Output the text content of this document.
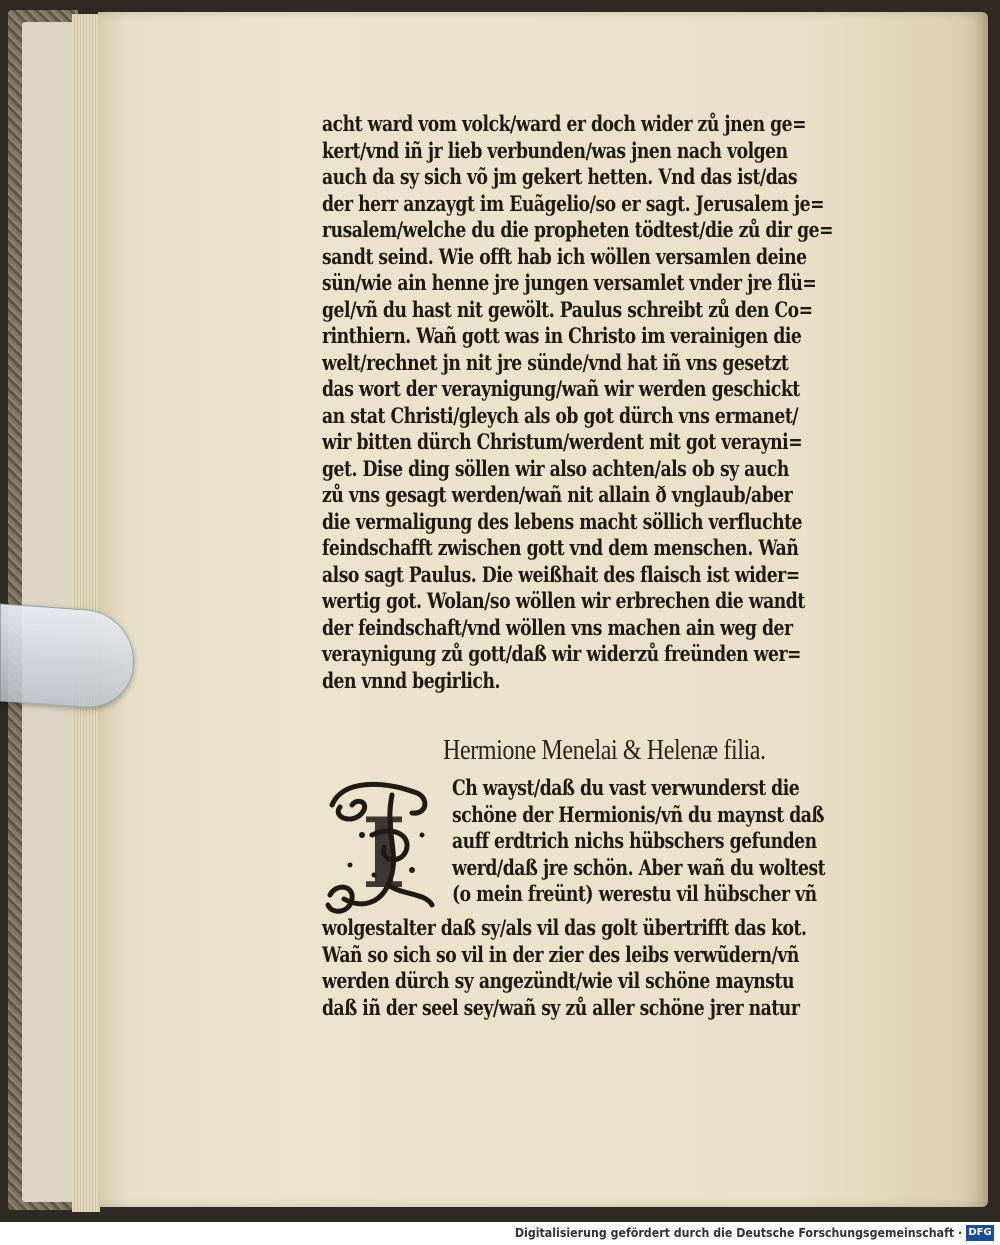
acht ward vom volck/ward er doch wider zů jnen ge=
kert/vnd iñ jr lieb verbunden/was jnen nach volgen
auch da sy sich võ jm gekert hetten. Vnd das ist/das
der herr anzaygt im Euãgelio/so er sagt. Jerusalem je=
rusalem/welche du die propheten tödtest/die zů dir ge=
sandt seind. Wie offt hab ich wöllen versamlen deine
sün/wie ain henne jre jungen versamlet vnder jre flü=
gel/vñ du hast nit gewölt. Paulus schreibt zů den Co=
rinthiern. Wañ gott was in Christo im verainigen die
welt/rechnet jn nit jre sünde/vnd hat iñ vns gesetzt
das wort der veraynigung/wañ wir werden geschickt
an stat Christi/gleych als ob got dürch vns ermanet/
wir bitten dürch Christum/werdent mit got verayni=
get. Dise ding söllen wir also achten/als ob sy auch
zů vns gesagt werden/wañ nit allain ð vnglaub/aber
die vermaligung des lebens macht söllich verfluchte
feindschafft zwischen gott vnd dem menschen. Wañ
also sagt Paulus. Die weißhait des flaisch ist wider=
wertig got. Wolan/so wöllen wir erbrechen die wandt
der feindschaft/vnd wöllen vns machen ain weg der
veraynigung zů gott/daß wir widerzů freünden wer=
den vnnd begirlich.
Hermione Menelai & Helenæ filia.
I
Ch wayst/daß du vast verwunderst die
schöne der Hermionis/vñ du maynst daß
auff erdtrich nichs hübschers gefunden
werd/daß jre schön. Aber wañ du woltest
(o mein freünt) werestu vil hübscher vñ
wolgestalter daß sy/als vil das golt übertrifft das kot.
Wañ so sich so vil in der zier des leibs verwũdern/vñ
werden dürch sy angezündt/wie vil schöne maynstu
daß iñ der seel sey/wañ sy zů aller schöne jrer natur
Digitalisierung gefördert durch die Deutsche Forschungsgemeinschaft · DFG
